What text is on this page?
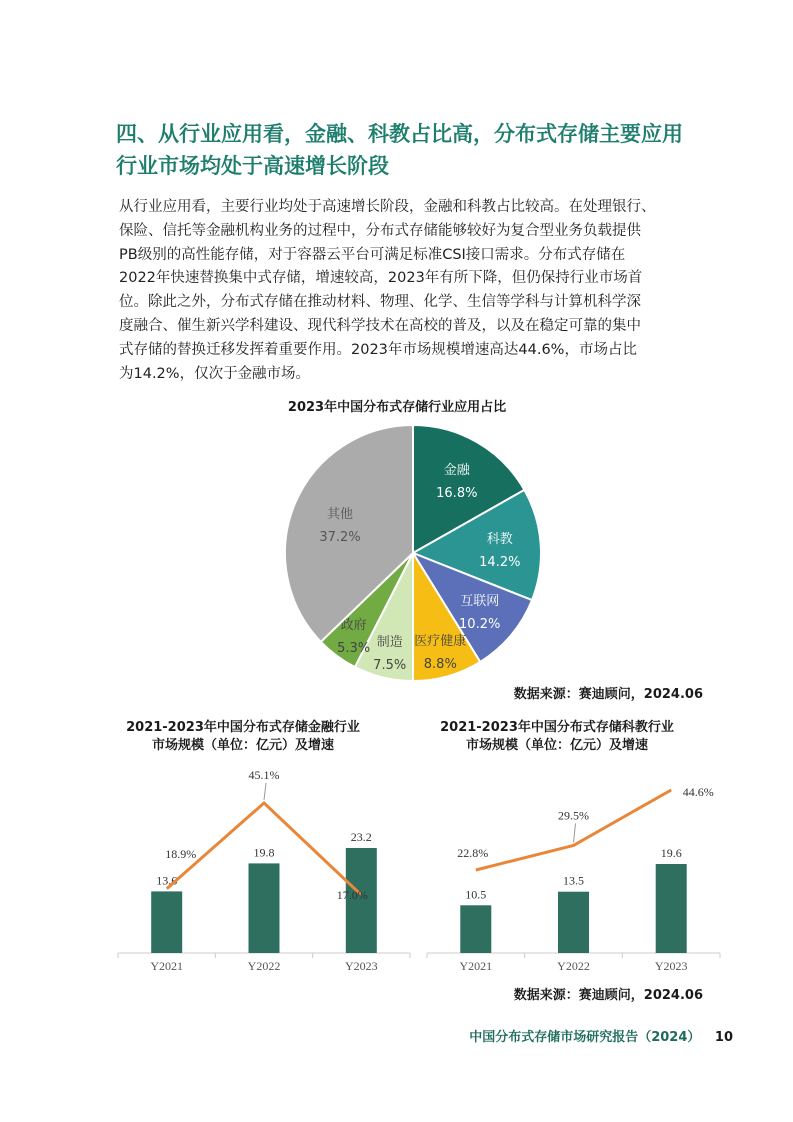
四、从行业应用看，金融、科教占比高，分布式存储主要应用
行业市场均处于高速增长阶段
从行业应用看，主要行业均处于高速增长阶段，金融和科教占比较高。在处理银行、
保险、信托等金融机构业务的过程中，分布式存储能够较好为复合型业务负载提供
PB级别的高性能存储，对于容器云平台可满足标准CSI接口需求。分布式存储在
2022年快速替换集中式存储，增速较高，2023年有所下降，但仍保持行业市场首
位。除此之外，分布式存储在推动材料、物理、化学、生信等学科与计算机科学深
度融合、催生新兴学科建设、现代科学技术在高校的普及，以及在稳定可靠的集中
式存储的替换迁移发挥着重要作用。2023年市场规模增速高达44.6%，市场占比
为14.2%，仅次于金融市场。
2023年中国分布式存储行业应用占比
金融
16.8%
科教
14.2%
互联网
10.2%
医疗健康
8.8%
制造
7.5%
政府
5.3%
其他
37.2%
数据来源：赛迪顾问，2024.06
2021-2023年中国分布式存储金融行业
市场规模（单位：亿元）及增速
13.6
Y2021
19.8
Y2022
23.2
Y2023
18.9%
45.1%
17.0%
2021-2023年中国分布式存储科教行业
市场规模（单位：亿元）及增速
10.5
Y2021
13.5
Y2022
19.6
Y2023
22.8%
29.5%
44.6%
数据来源：赛迪顾问，2024.06
中国分布式存储市场研究报告（2024） 10
